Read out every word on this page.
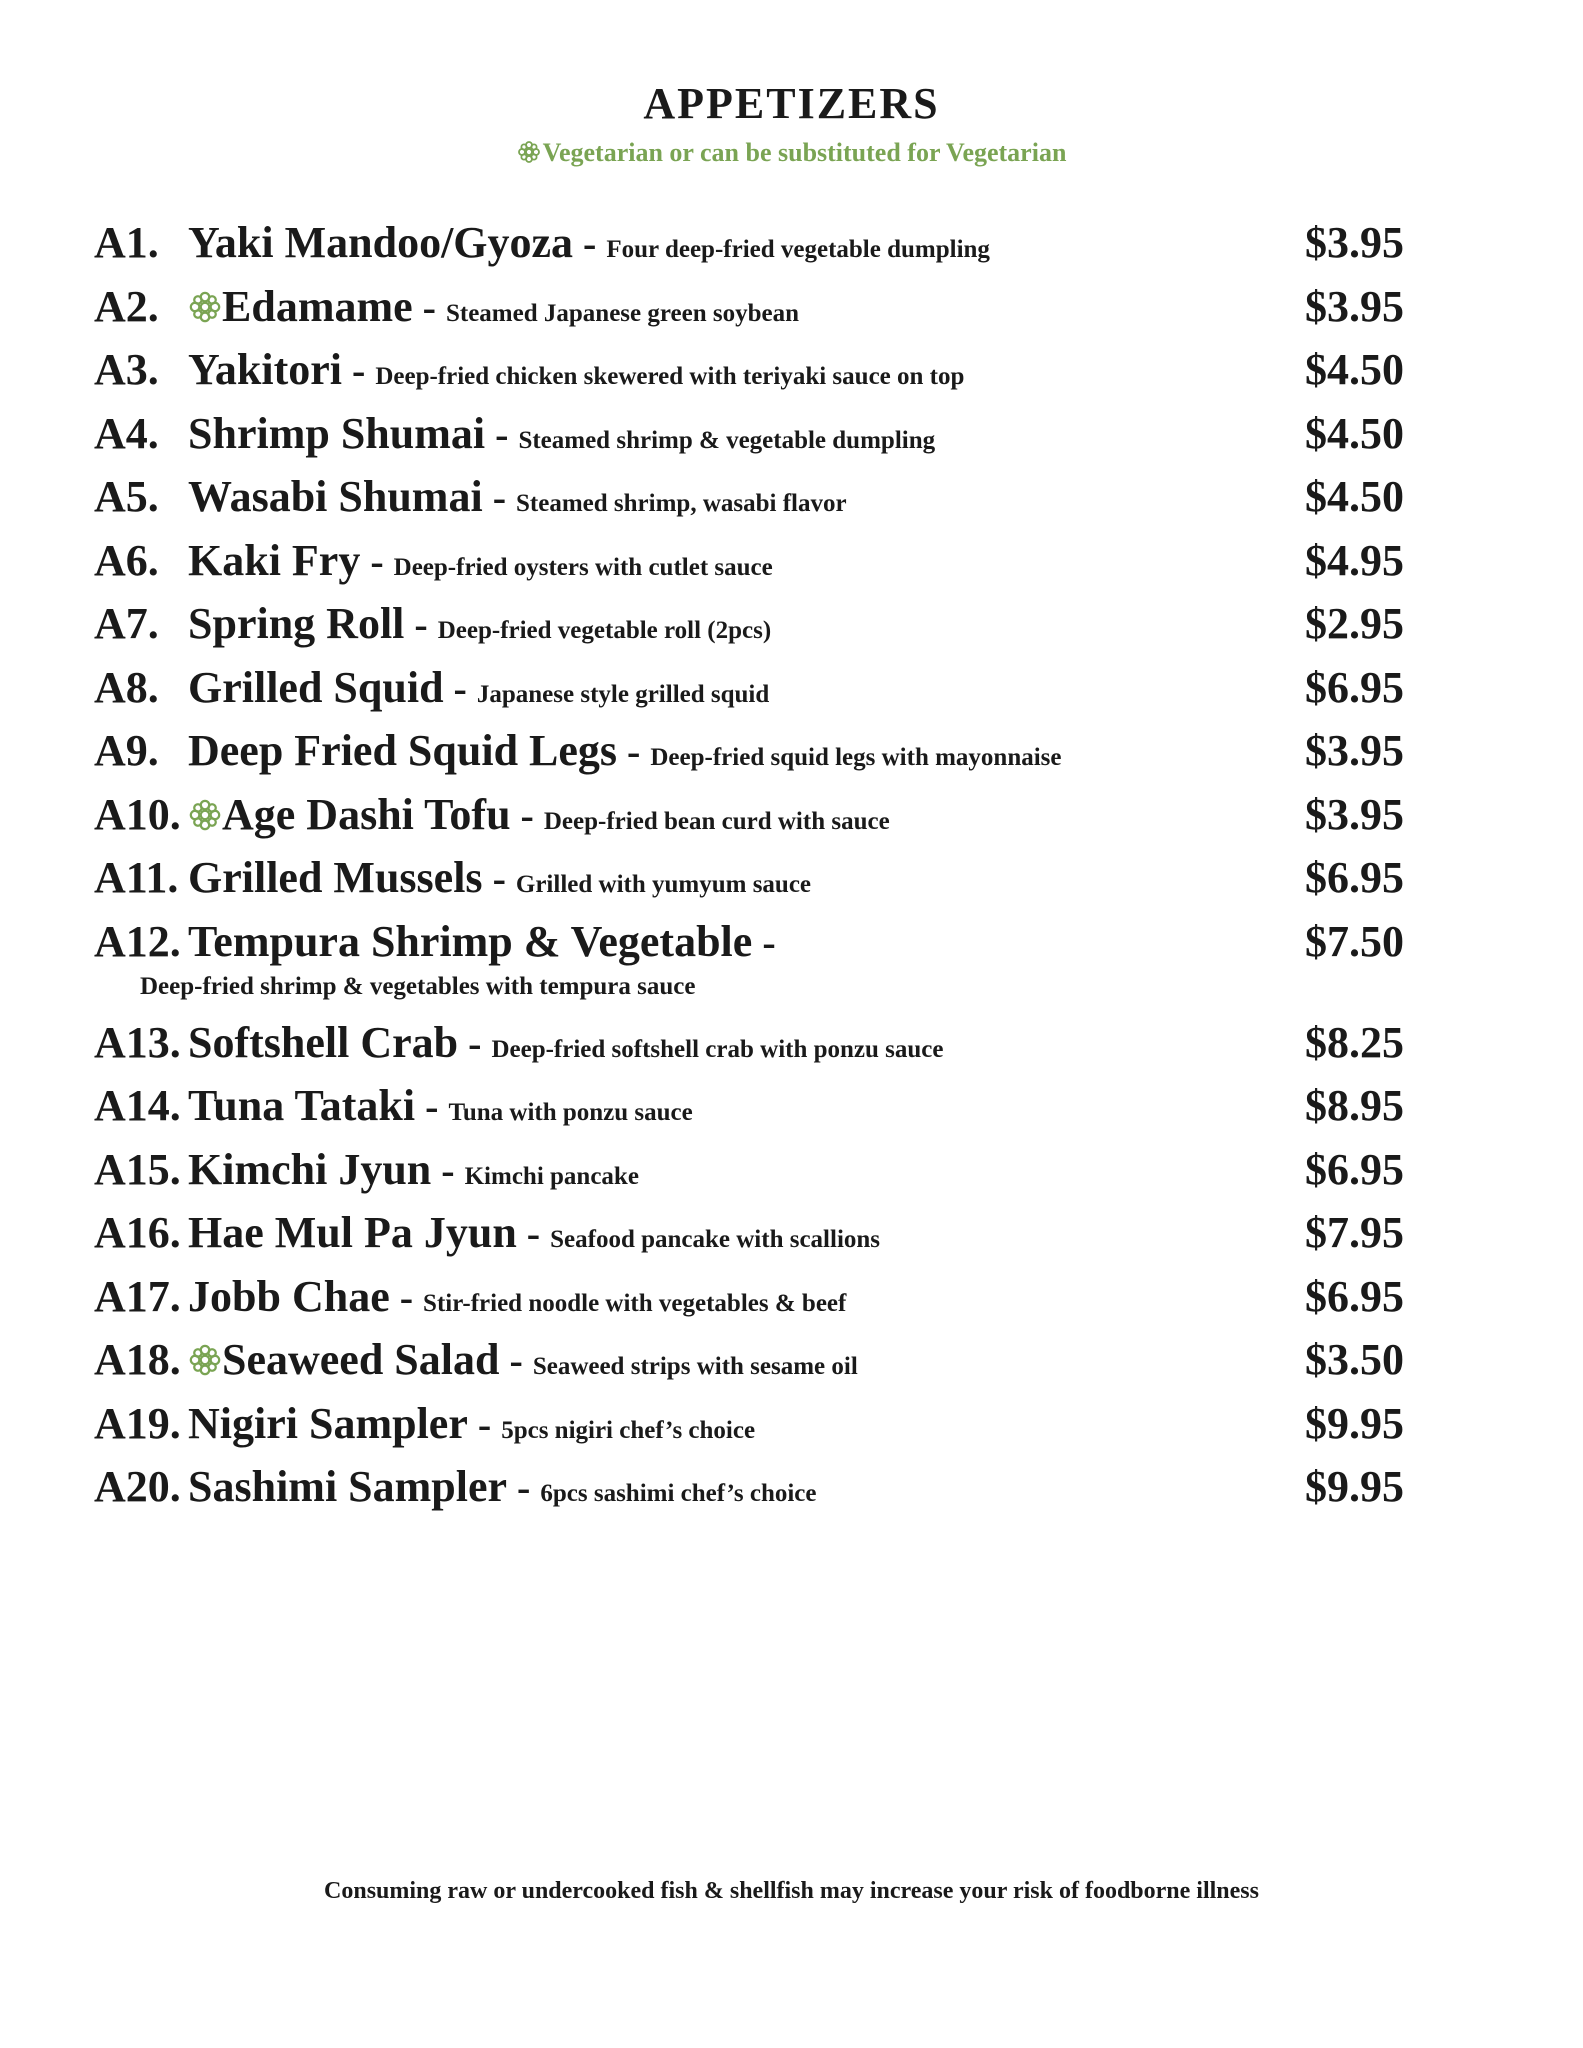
APPETIZERS
Vegetarian or can be substituted for Vegetarian
A1. Yaki Mandoo/Gyoza - Four deep-fried vegetable dumpling	$3.95
A2.	Edamame - Steamed Japanese green soybean	$3.95
A3. Yakitori - Deep-fried chicken skewered with teriyaki sauce on top	$4.50
A4. Shrimp Shumai - Steamed shrimp & vegetable dumpling	$4.50
A5. Wasabi Shumai - Steamed shrimp, wasabi flavor	$4.50
A6. Kaki Fry - Deep-fried oysters with cutlet sauce	$4.95
A7. Spring Roll - Deep-fried vegetable roll (2pcs)	$2.95
A8. Grilled Squid - Japanese style grilled squid	$6.95
A9. Deep Fried Squid Legs - Deep-fried squid legs with mayonnaise	$3.95
A10. Age Dashi Tofu - Deep-fried bean curd with sauce	$3.95
A11. Grilled Mussels - Grilled with yumyum sauce	$6.95
A12. Tempura Shrimp & Vegetable -
Deep-fried shrimp & vegetables with tempura sauce
$7.50
A13. Softshell Crab - Deep-fried softshell crab with ponzu sauce	$8.25
A14. Tuna Tataki - Tuna with ponzu sauce	$8.95
A15. Kimchi Jyun - Kimchi pancake	$6.95
A16. Hae Mul Pa Jyun - Seafood pancake with scallions	$7.95
A17. Jobb Chae - Stir-fried noodle with vegetables & beef	$6.95
A18. Seaweed Salad - Seaweed strips with sesame oil	$3.50
A19. Nigiri Sampler - 5pcs nigiri chef’s choice	$9.95
A20. Sashimi Sampler - 6pcs sashimi chef’s choice	$9.95
Consuming raw or undercooked fish & shellfish may increase your risk of foodborne illness
